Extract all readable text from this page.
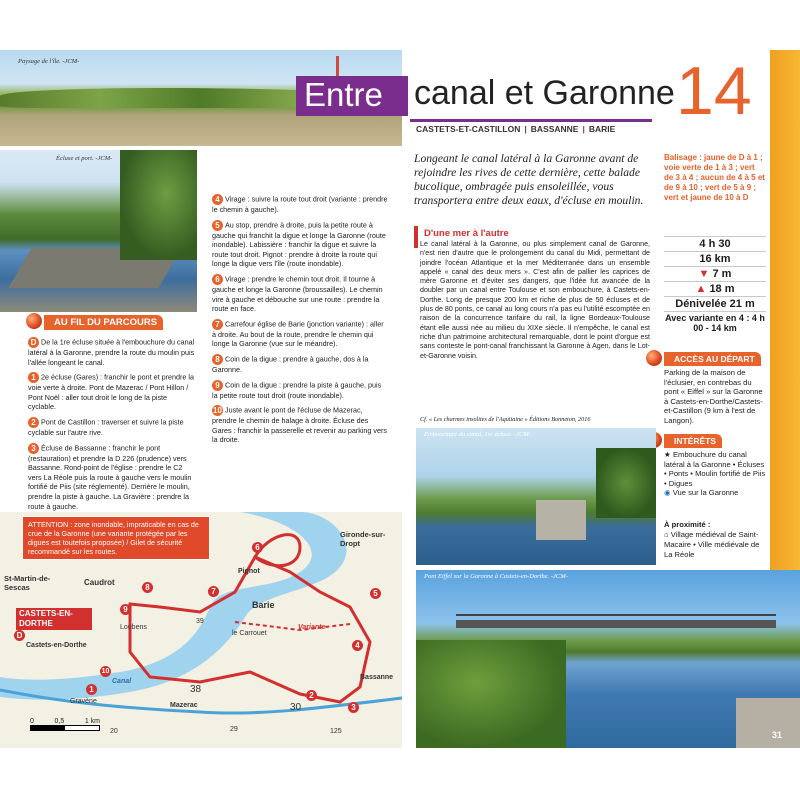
Paysage de l'île. -JCM-
Entre canal et Garonne
CASTETS-ET-CASTILLON | BASSANNE | BARIE 14
Écluse et port. -JCM-
AU FIL DU PARCOURS

D De la 1re écluse située à l'embouchure du canal latéral à la Garonne, prendre la route du moulin puis l'allée longeant le canal.

1 2e écluse (Gares) : franchir le pont et prendre la voie verte à droite. Pont de Mazerac / Pont Hillon / Pont Noël : aller tout droit le long de la piste cyclable.

2 Pont de Castillon : traverser et suivre la piste cyclable sur l'autre rive.

3 Écluse de Bassanne : franchir le pont (restauration) et prendre la D 226 (prudence) vers Bassanne. Rond-point de l'église : prendre le C2 vers La Réole puis la route à gauche vers le moulin fortifié de Piis (site réglementé). Derrière le moulin, prendre la piste à gauche. La Gravière : prendre la route à gauche.

4 Virage : suivre la route tout droit (variante : prendre le chemin à gauche).

5 Au stop, prendre à droite, puis la petite route à gauche qui franchit la digue et longe la Garonne (route inondable). Labissière : franchir la digue et suivre la route tout droit. Pignot : prendre à droite la route qui longe la digue vers l'île (route inondable).

6 Virage : prendre le chemin tout droit. Il tourne à gauche et longe la Garonne (broussailles). Le chemin vire à gauche et débouche sur une route : prendre la route en face.

7 Carrefour église de Barie (jonction variante) : aller à droite. Au bout de la route, prendre le chemin qui longe la Garonne (vue sur le méandre).

8 Coin de la digue : prendre à gauche, dos à la Garonne.

9 Coin de la digue : prendre la piste à gauche, puis la petite route tout droit (route inondable).

10 Juste avant le pont de l'écluse de Mazerac, prendre le chemin de halage à droite. Écluse des Gares : franchir la passerelle et revenir au parking vers la droite.

ATTENTION : zone inondable, impraticable en cas de crue de la Garonne (une variante protégée par les digues est toutefois proposée) / Gilet de sécurité recommandé sur les routes.
St-Martin-de-Sescas
Caudrot
CASTETS-EN-DORTHE
Castets-en-Dorthe
Barie
Pignot
Gironde-sur-Dropt
Bassanne
Mazerac
Loubens
le Carrouet
Variante
Canal
Gravène
39
38
30
20	29	125
D
1
2
3
4
5
6
7
8
9
10
0	0,5	1 km
Longeant le canal latéral à la Garonne avant de rejoindre les rives de cette dernière, cette balade bucolique, ombragée puis ensoleillée, vous transportera entre deux eaux, d'écluse en moulin.
D'une mer à l'autre
Le canal latéral à la Garonne, ou plus simplement canal de Garonne, n'est rien d'autre que le prolongement du canal du Midi, permettant de joindre l'océan Atlantique et la mer Méditerranée dans un ensemble appelé « canal des deux mers ». C'est afin de pallier les caprices de mère Garonne et d'éviter ses dangers, que l'idée fut avancée de la doubler par un canal entre Toulouse et son embouchure, à Castets-en-Dorthe. Long de presque 200 km et riche de plus de 50 écluses et de plus de 80 ponts, ce canal au long cours n'a pas eu l'utilité escomptée en raison de la concurrence tarifaire du rail, la ligne Bordeaux-Toulouse étant elle aussi née au milieu du XIXe siècle. Il n'empêche, le canal est riche d'un patrimoine architectural remarquable, dont le point d'orgue est sans conteste le pont-canal franchissant la Garonne à Agen, dans le Lot-et-Garonne voisin.
Cf. « Les charmes insolites de l'Aquitaine » Éditions Bonneton, 2016
Balisage : jaune de D à 1 ; voie verte de 1 à 3 ; vert de 3 à 4 ; aucun de 4 à 5 et de 9 à 10 ; vert de 5 à 9 ; vert et jaune de 10 à D
4 h 30
16 km
▼ 7 m
▲ 18 m
Dénivelée 21 m
Avec variante en 4 : 4 h 00 - 14 km
ACCÈS AU DÉPART
Parking de la maison de l'éclusier, en contrebas du pont « Eiffel » sur la Garonne à Castets-en-Dorthe/Castets-et-Castillon (9 km à l'est de Langon).
INTÉRÊTS
★ Embouchure du canal latéral à la Garonne • Écluses • Ponts • Moulin fortifié de Piis • Digues
◉ Vue sur la Garonne
À proximité :
⌂ Village médiéval de Saint-Macaire • Ville médiévale de La Réole
Embouchure du canal, 1re écluse. -JCM-
Pont Eiffel sur la Garonne à Castets-en-Dorthe. -JCM-
31
